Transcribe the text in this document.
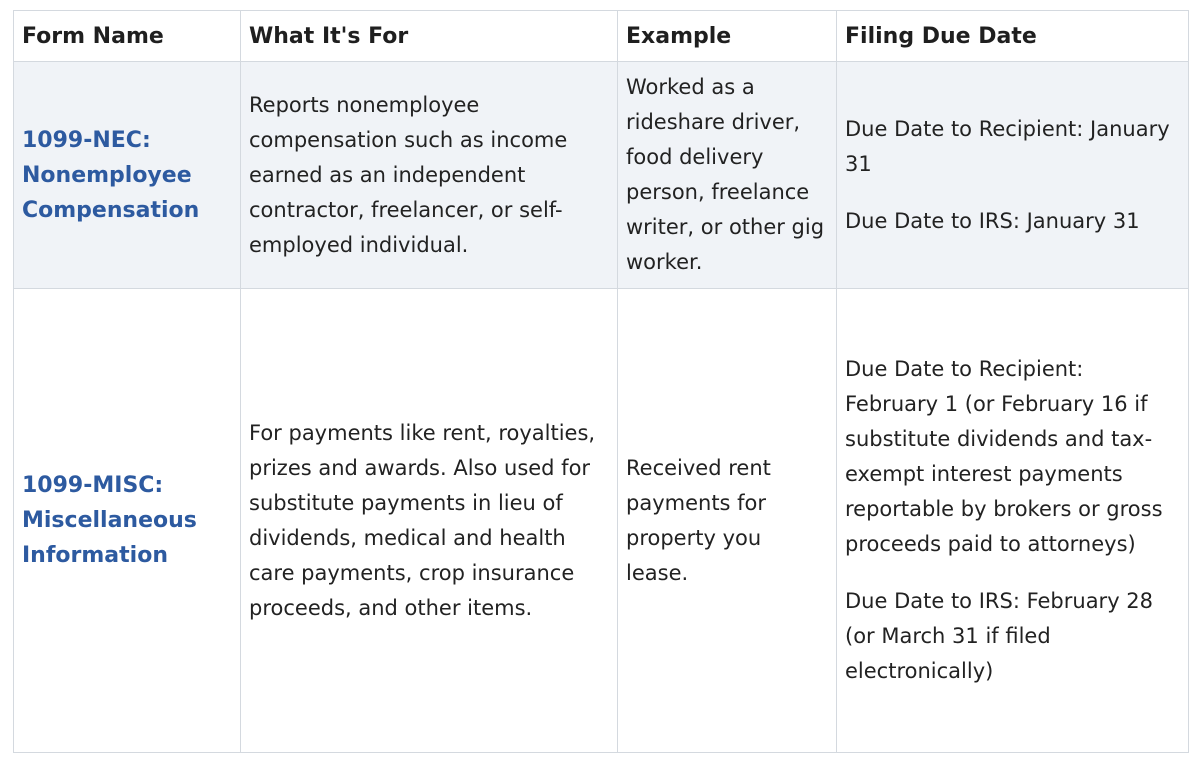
Form Name	What It's For	Example	Filing Due Date
1099-NEC: Nonemployee Compensation	Reports nonemployee compensation such as income earned as an independent contractor, freelancer, or self-employed individual.	Worked as a rideshare driver, food delivery person, freelance writer, or other gig worker.	Due Date to Recipient: January 31

Due Date to IRS: January 31

1099-MISC: Miscellaneous Information	For payments like rent, royalties, prizes and awards. Also used for substitute payments in lieu of dividends, medical and health care payments, crop insurance proceeds, and other items.	Received rent payments for property you lease.	Due Date to Recipient: February 1 (or February 16 if substitute dividends and tax-exempt interest payments reportable by brokers or gross proceeds paid to attorneys)

Due Date to IRS: February 28 (or March 31 if filed electronically)
